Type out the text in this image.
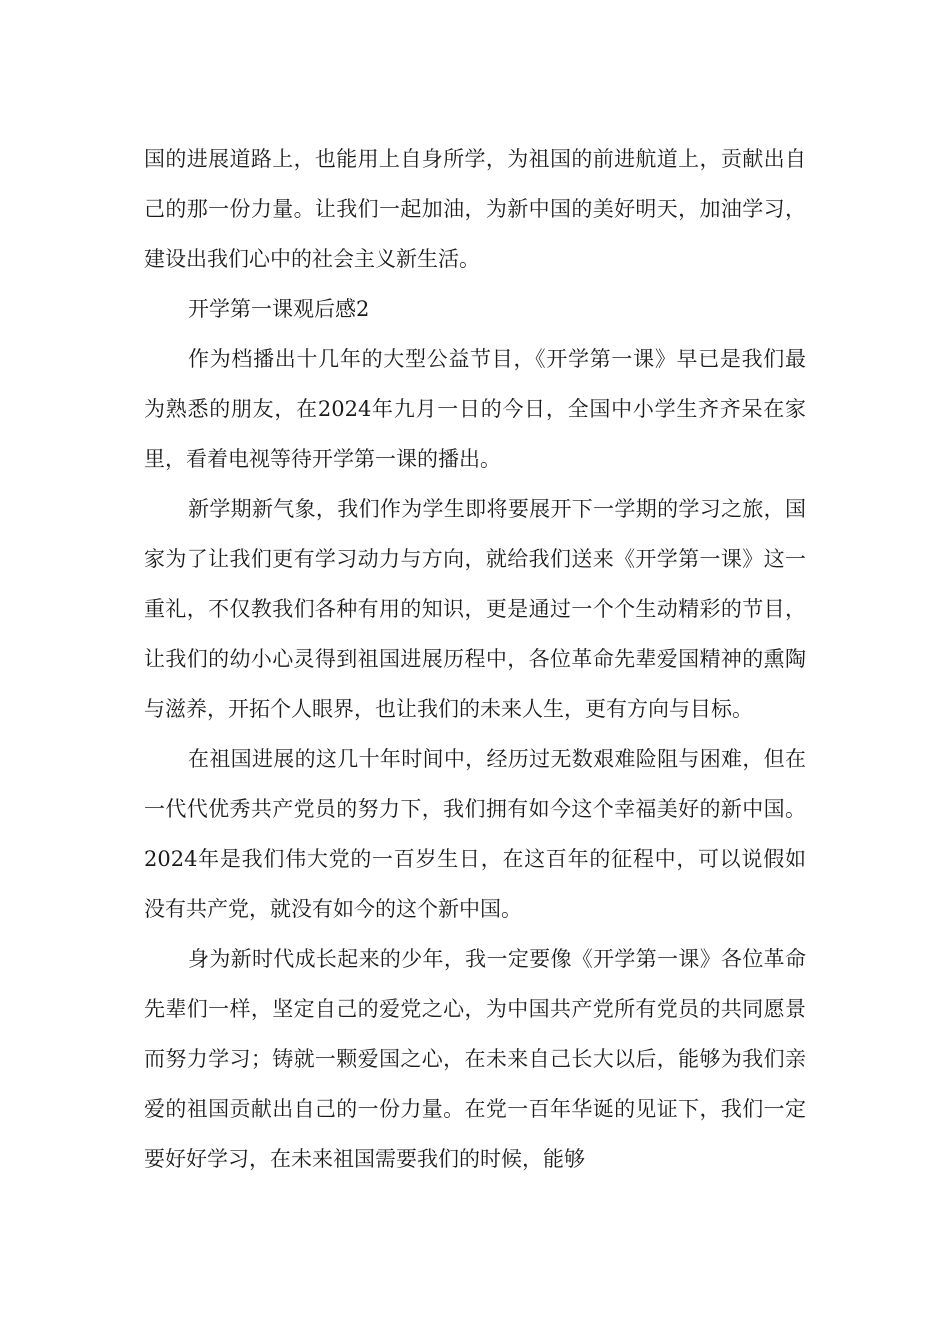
国的进展道路上，也能用上自身所学，为祖国的前进航道上，贡献出自己的那一份力量。让我们一起加油，为新中国的美好明天，加油学习，建设出我们心中的社会主义新生活。

开学第一课观后感2

作为档播出十几年的大型公益节目，《开学第一课》早已是我们最为熟悉的朋友，在2024年九月一日的今日，全国中小学生齐齐呆在家里，看着电视等待开学第一课的播出。

新学期新气象，我们作为学生即将要展开下一学期的学习之旅，国家为了让我们更有学习动力与方向，就给我们送来《开学第一课》这一重礼，不仅教我们各种有用的知识，更是通过一个个生动精彩的节目，让我们的幼小心灵得到祖国进展历程中，各位革命先辈爱国精神的熏陶与滋养，开拓个人眼界，也让我们的未来人生，更有方向与目标。

在祖国进展的这几十年时间中，经历过无数艰难险阻与困难，但在一代代优秀共产党员的努力下，我们拥有如今这个幸福美好的新中国。2024年是我们伟大党的一百岁生日，在这百年的征程中，可以说假如没有共产党，就没有如今的这个新中国。

身为新时代成长起来的少年，我一定要像《开学第一课》各位革命先辈们一样，坚定自己的爱党之心，为中国共产党所有党员的共同愿景而努力学习；铸就一颗爱国之心，在未来自己长大以后，能够为我们亲爱的祖国贡献出自己的一份力量。在党一百年华诞的见证下，我们一定要好好学习，在未来祖国需要我们的时候，能够
